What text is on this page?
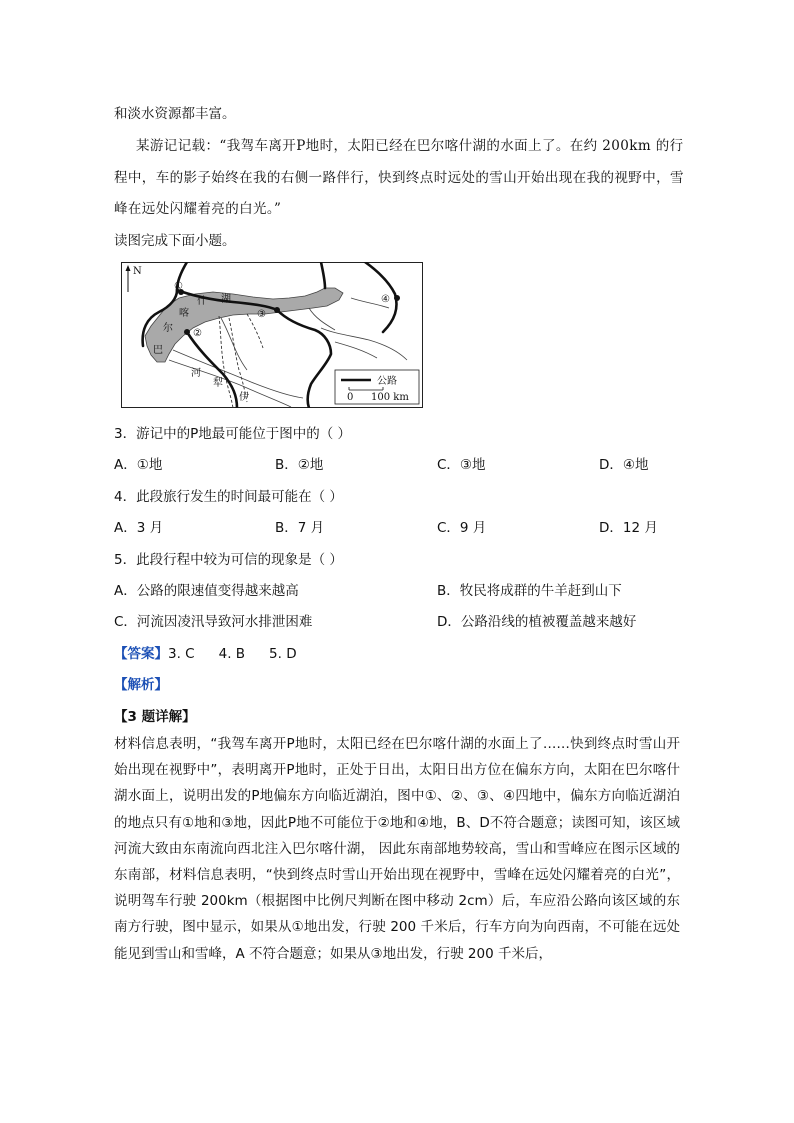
和淡水资源都丰富。
某游记记载：“我驾车离开P地时，太阳已经在巴尔喀什湖的水面上了。在约 200km 的行
程中，车的影子始终在我的右侧一路伴行，快到终点时远处的雪山开始出现在我的视野中，雪
峰在远处闪耀着亮的白光。”
读图完成下面小题。
N
①
②
③
④
巴
尔
喀
什 湖
伊
犁
河
公路
0 100 km
3．游记中的P地最可能位于图中的（ ）
A．①地	B．②地	C．③地	D．④地
4．此段旅行发生的时间最可能在（ ）
A．3 月	B．7 月	C．9 月	D．12 月
5．此段行程中较为可信的现象是（ ）
A．公路的限速值变得越来越高	B．牧民将成群的牛羊赶到山下
C．河流因凌汛导致河水排泄困难	D．公路沿线的植被覆盖越来越好
【答案】3. C 4. B 5. D
【解析】
【3 题详解】
材料信息表明，“我驾车离开P地时，太阳已经在巴尔喀什湖的水面上了……快到终点时雪山开始出现在视野中”，表明离开P地时，正处于日出，太阳日出方位在偏东方向，太阳在巴尔喀什湖水面上，说明出发的P地偏东方向临近湖泊，图中①、②、③、④四地中，偏东方向临近湖泊的地点只有①地和③地，因此P地不可能位于②地和④地，B、D不符合题意；读图可知，该区域河流大致由东南流向西北注入巴尔喀什湖， 因此东南部地势较高，雪山和雪峰应在图示区域的东南部，材料信息表明，“快到终点时雪山开始出现在视野中，雪峰在远处闪耀着亮的白光”，说明驾车行驶 200km（根据图中比例尺判断在图中移动 2cm）后，车应沿公路向该区域的东南方行驶，图中显示，如果从①地出发，行驶 200 千米后，行车方向为向西南，不可能在远处能见到雪山和雪峰，A 不符合题意；如果从③地出发，行驶 200 千米后，
